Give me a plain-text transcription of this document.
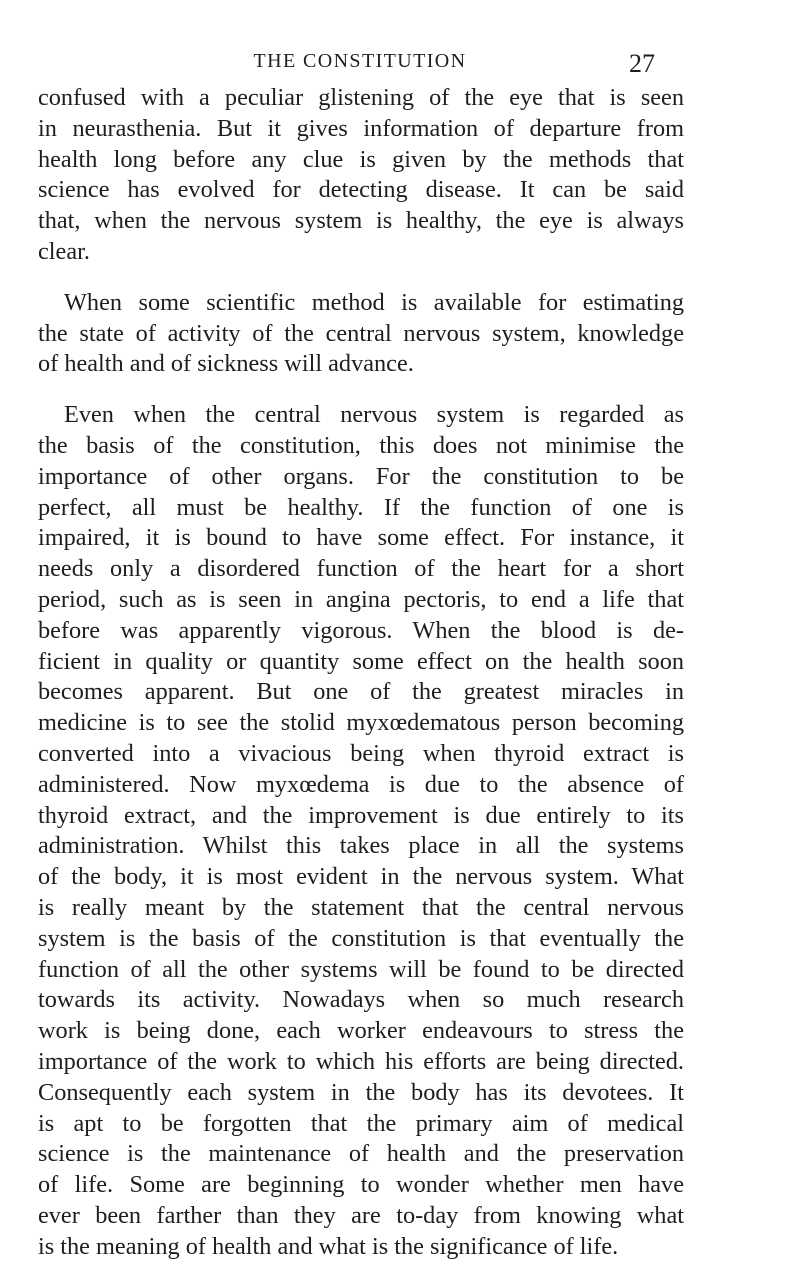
THE CONSTITUTION	27
confused with a peculiar glistening of the eye that is seen
in neurasthenia. But it gives information of departure from
health long before any clue is given by the methods that
science has evolved for detecting disease. It can be said
that, when the nervous system is healthy, the eye is always
clear.
When some scientific method is available for estimating
the state of activity of the central nervous system, knowledge
of health and of sickness will advance.
Even when the central nervous system is regarded as
the basis of the constitution, this does not minimise the
importance of other organs. For the constitution to be
perfect, all must be healthy. If the function of one is
impaired, it is bound to have some effect. For instance, it
needs only a disordered function of the heart for a short
period, such as is seen in angina pectoris, to end a life that
before was apparently vigorous. When the blood is de-
ficient in quality or quantity some effect on the health soon
becomes apparent. But one of the greatest miracles in
medicine is to see the stolid myxœdematous person becoming
converted into a vivacious being when thyroid extract is
administered. Now myxœdema is due to the absence of
thyroid extract, and the improvement is due entirely to its
administration. Whilst this takes place in all the systems
of the body, it is most evident in the nervous system. What
is really meant by the statement that the central nervous
system is the basis of the constitution is that eventually the
function of all the other systems will be found to be directed
towards its activity. Nowadays when so much research
work is being done, each worker endeavours to stress the
importance of the work to which his efforts are being directed.
Consequently each system in the body has its devotees. It
is apt to be forgotten that the primary aim of medical
science is the maintenance of health and the preservation
of life. Some are beginning to wonder whether men have
ever been farther than they are to-day from knowing what
is the meaning of health and what is the significance of life.
